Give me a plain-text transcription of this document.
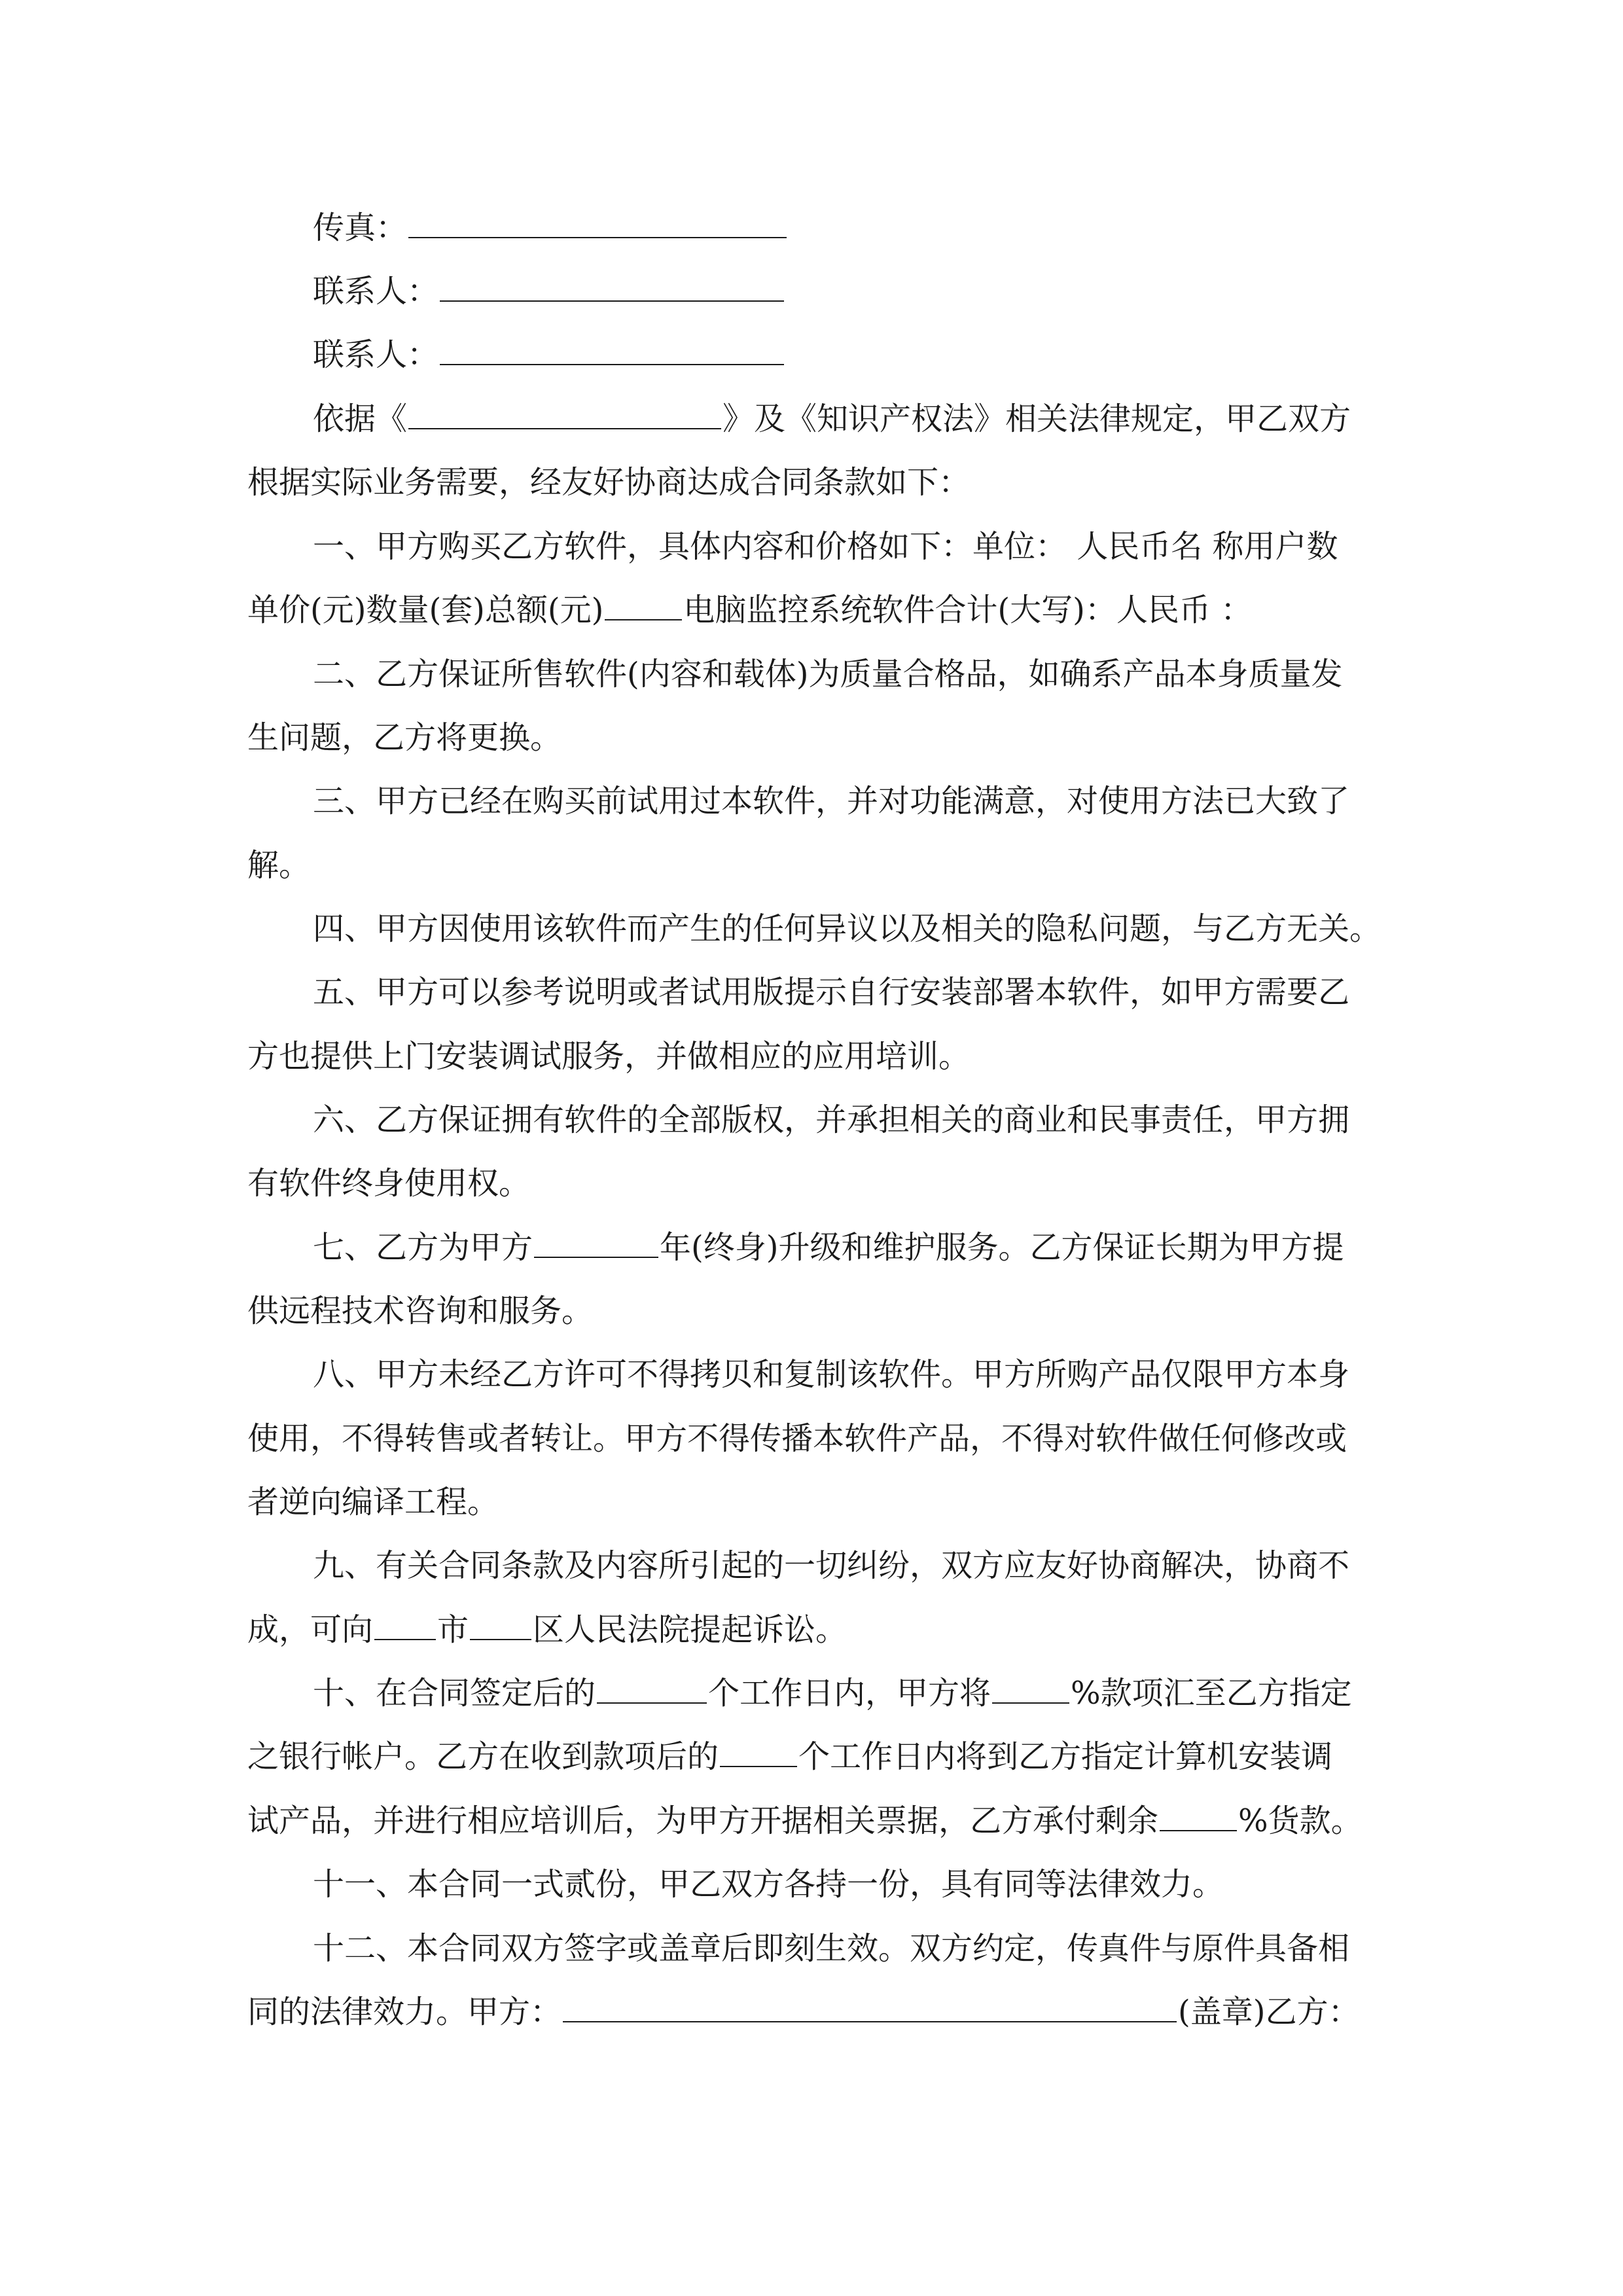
传真：
联系人：
联系人：
依据《	》及《知识产权法》相关法律规定，甲乙双方
根据实际业务需要，经友好协商达成合同条款如下：
一、甲方购买乙方软件，具体内容和价格如下：单位： 人民币名 称用户数
单价(元)数量(套)总额(元)	电脑监控系统软件合计(大写)：人民币 ：
二、乙方保证所售软件(内容和载体)为质量合格品，如确系产品本身质量发
生问题，乙方将更换。
三、甲方已经在购买前试用过本软件，并对功能满意，对使用方法已大致了
解。
四、甲方因使用该软件而产生的任何异议以及相关的隐私问题，与乙方无关。
五、甲方可以参考说明或者试用版提示自行安装部署本软件，如甲方需要乙
方也提供上门安装调试服务，并做相应的应用培训。
六、乙方保证拥有软件的全部版权，并承担相关的商业和民事责任，甲方拥
有软件终身使用权。
七、乙方为甲方	年(终身)升级和维护服务。乙方保证长期为甲方提
供远程技术咨询和服务。
八、甲方未经乙方许可不得拷贝和复制该软件。甲方所购产品仅限甲方本身
使用，不得转售或者转让。甲方不得传播本软件产品，不得对软件做任何修改或
者逆向编译工程。
九、有关合同条款及内容所引起的一切纠纷，双方应友好协商解决，协商不
成，可向 市 区人民法院提起诉讼。
十、在合同签定后的	个工作日内，甲方将	%款项汇至乙方指定
之银行帐户。乙方在收到款项后的	个工作日内将到乙方指定计算机安装调
试产品，并进行相应培训后，为甲方开据相关票据，乙方承付剩余	%货款。
十一、本合同一式贰份，甲乙双方各持一份，具有同等法律效力。
十二、本合同双方签字或盖章后即刻生效。双方约定，传真件与原件具备相
同的法律效力。甲方：	(盖章)乙方：
